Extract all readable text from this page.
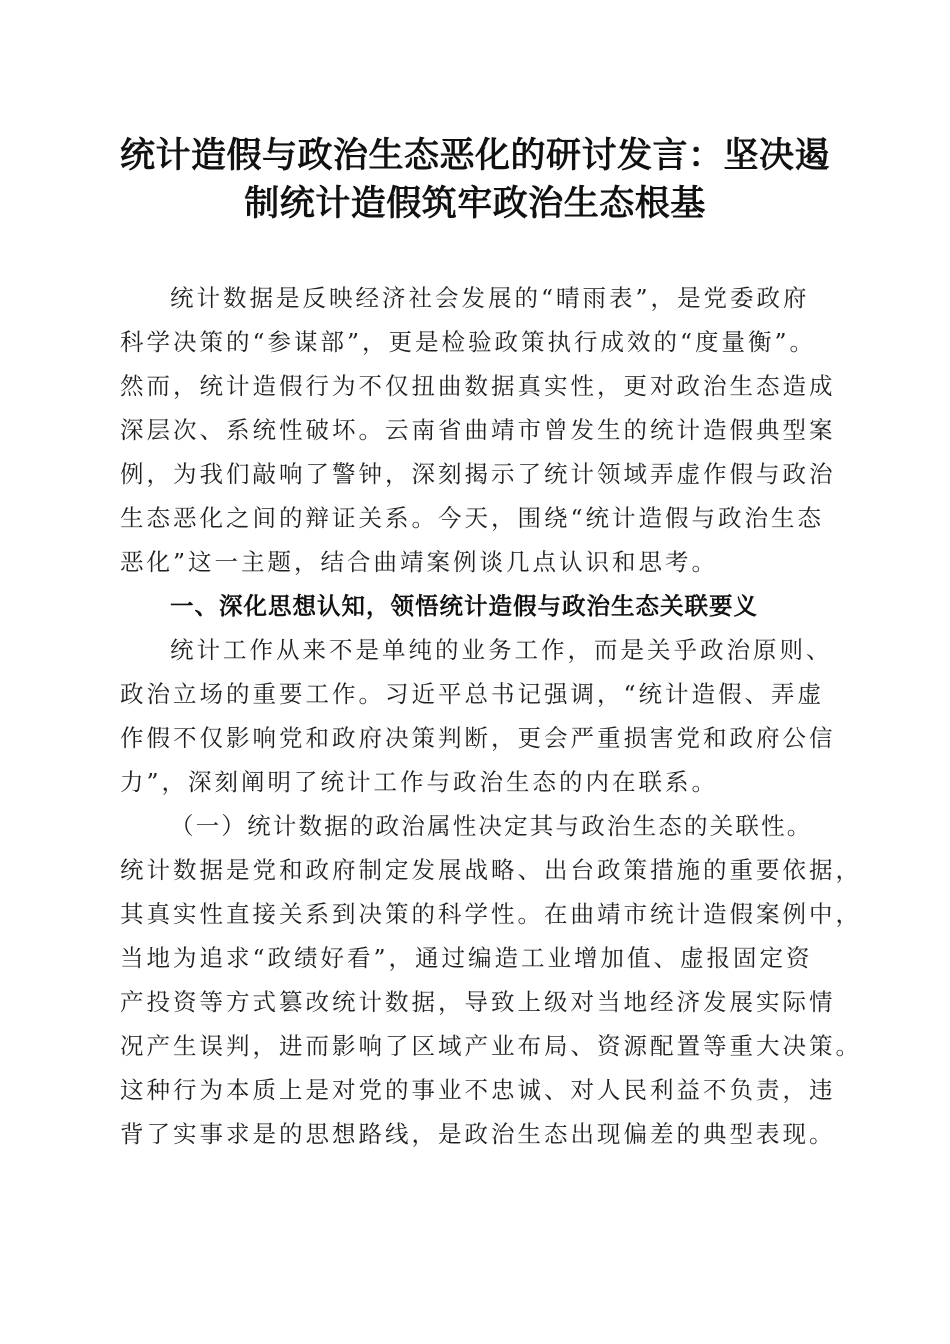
统计造假与政治生态恶化的研讨发言：坚决遏
制统计造假筑牢政治生态根基
统计数据是反映经济社会发展的“晴雨表”，是党委政府
科学决策的“参谋部”，更是检验政策执行成效的“度量衡”。
然而，统计造假行为不仅扭曲数据真实性，更对政治生态造成
深层次、系统性破坏。云南省曲靖市曾发生的统计造假典型案
例，为我们敲响了警钟，深刻揭示了统计领域弄虚作假与政治
生态恶化之间的辩证关系。今天，围绕“统计造假与政治生态
恶化”这一主题，结合曲靖案例谈几点认识和思考。
一、深化思想认知，领悟统计造假与政治生态关联要义
统计工作从来不是单纯的业务工作，而是关乎政治原则、
政治立场的重要工作。习近平总书记强调，“统计造假、弄虚
作假不仅影响党和政府决策判断，更会严重损害党和政府公信
力”，深刻阐明了统计工作与政治生态的内在联系。
（一）统计数据的政治属性决定其与政治生态的关联性。
统计数据是党和政府制定发展战略、出台政策措施的重要依据，
其真实性直接关系到决策的科学性。在曲靖市统计造假案例中，
当地为追求“政绩好看”，通过编造工业增加值、虚报固定资
产投资等方式篡改统计数据，导致上级对当地经济发展实际情
况产生误判，进而影响了区域产业布局、资源配置等重大决策。
这种行为本质上是对党的事业不忠诚、对人民利益不负责，违
背了实事求是的思想路线，是政治生态出现偏差的典型表现。
